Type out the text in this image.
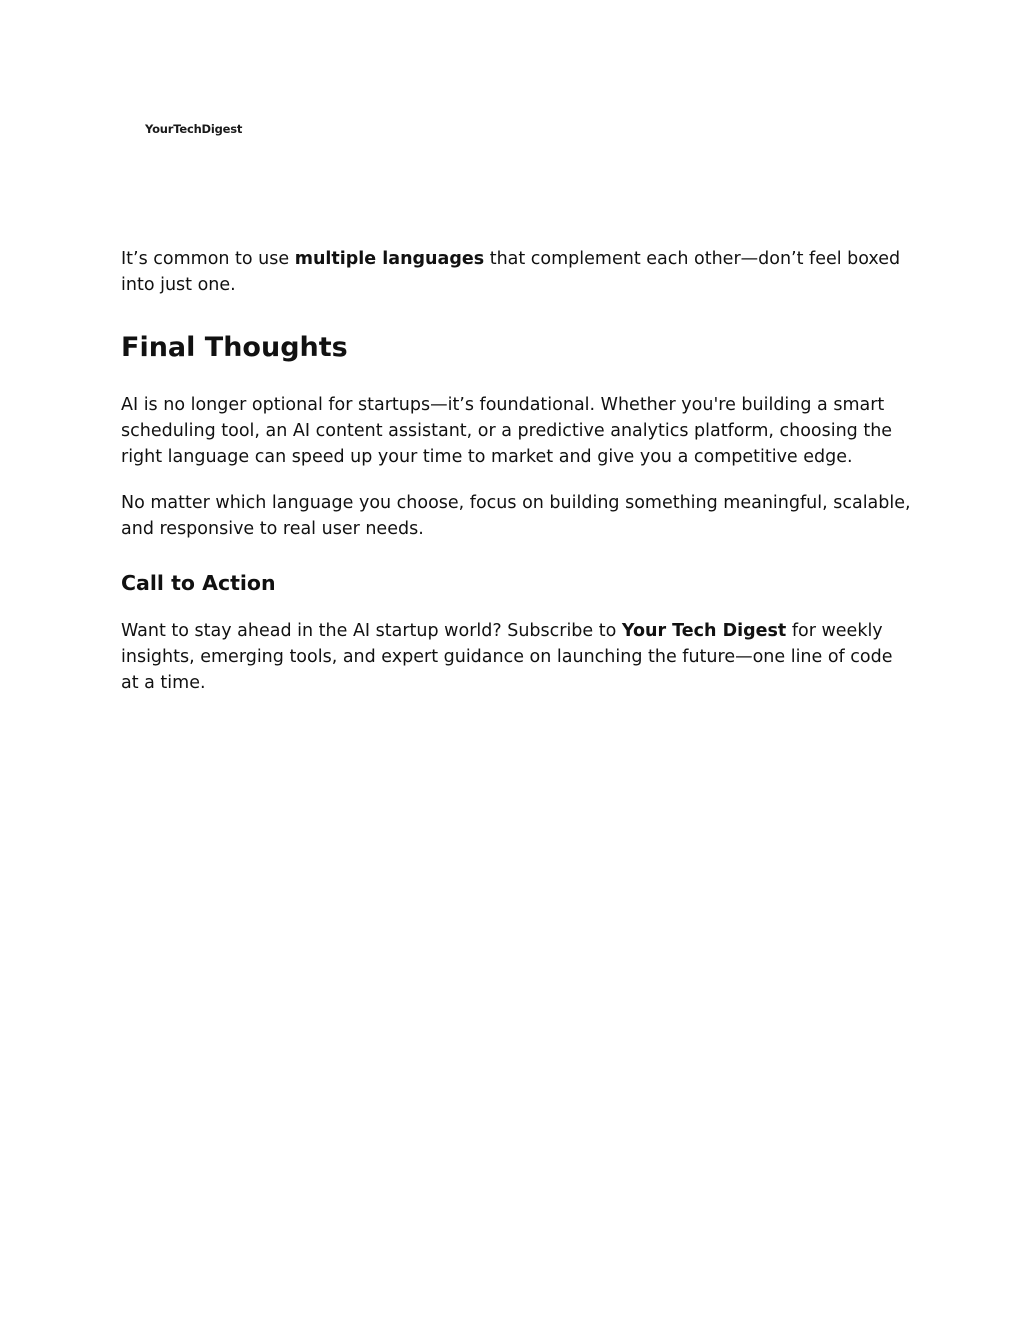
YourTechDigest

It’s common to use multiple languages that complement each other—don’t feel boxed into just one.

Final Thoughts

AI is no longer optional for startups—it’s foundational. Whether you're building a smart scheduling tool, an AI content assistant, or a predictive analytics platform, choosing the right language can speed up your time to market and give you a competitive edge.

No matter which language you choose, focus on building something meaningful, scalable, and responsive to real user needs.

Call to Action

Want to stay ahead in the AI startup world? Subscribe to Your Tech Digest for weekly insights, emerging tools, and expert guidance on launching the future—one line of code at a time.
